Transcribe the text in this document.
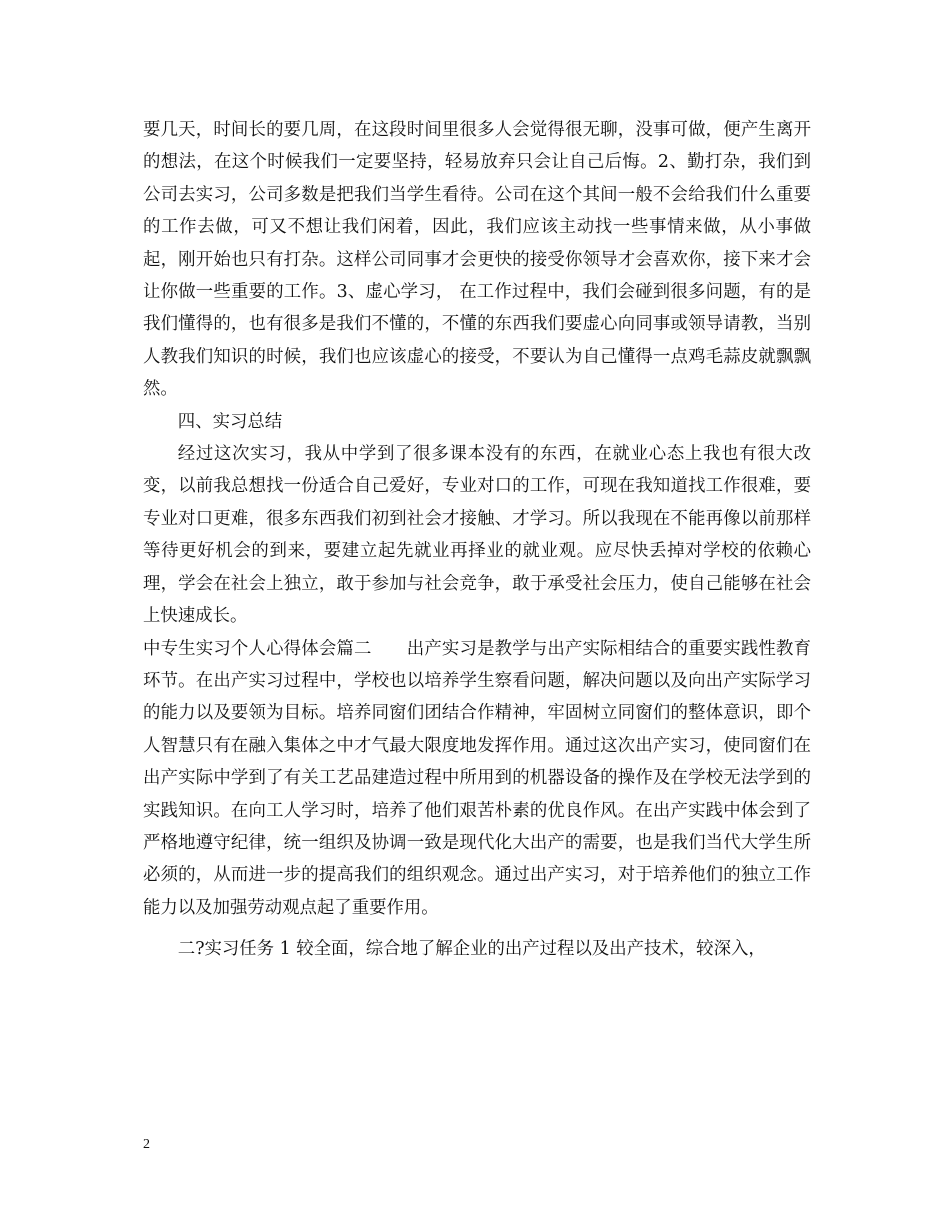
要几天，时间长的要几周，在这段时间里很多人会觉得很无聊，没事可做，便产生离开的想法，在这个时候我们一定要坚持，轻易放弃只会让自己后悔。2、勤打杂，我们到公司去实习，公司多数是把我们当学生看待。公司在这个其间一般不会给我们什么重要的工作去做，可又不想让我们闲着，因此，我们应该主动找一些事情来做，从小事做起，刚开始也只有打杂。这样公司同事才会更快的接受你领导才会喜欢你，接下来才会让你做一些重要的工作。3、虚心学习， 在工作过程中，我们会碰到很多问题，有的是我们懂得的，也有很多是我们不懂的，不懂的东西我们要虚心向同事或领导请教，当别人教我们知识的时候，我们也应该虚心的接受，不要认为自己懂得一点鸡毛蒜皮就飘飘然。

四、实习总结

经过这次实习，我从中学到了很多课本没有的东西，在就业心态上我也有很大改变，以前我总想找一份适合自己爱好，专业对口的工作，可现在我知道找工作很难，要专业对口更难，很多东西我们初到社会才接触、才学习。所以我现在不能再像以前那样等待更好机会的到来，要建立起先就业再择业的就业观。应尽快丢掉对学校的依赖心理，学会在社会上独立，敢于参加与社会竞争，敢于承受社会压力，使自己能够在社会上快速成长。

中专生实习个人心得体会篇二　　出产实习是教学与出产实际相结合的重要实践性教育环节。在出产实习过程中，学校也以培养学生察看问题，解决问题以及向出产实际学习的能力以及要领为目标。培养同窗们团结合作精神，牢固树立同窗们的整体意识，即个人智慧只有在融入集体之中才气最大限度地发挥作用。通过这次出产实习，使同窗们在出产实际中学到了有关工艺品建造过程中所用到的机器设备的操作及在学校无法学到的实践知识。在向工人学习时，培养了他们艰苦朴素的优良作风。在出产实践中体会到了严格地遵守纪律，统一组织及协调一致是现代化大出产的需要，也是我们当代大学生所必须的，从而进一步的提高我们的组织观念。通过出产实习，对于培养他们的独立工作能力以及加强劳动观点起了重要作用。

二?实习任务 1 较全面，综合地了解企业的出产过程以及出产技术，较深入，

2
